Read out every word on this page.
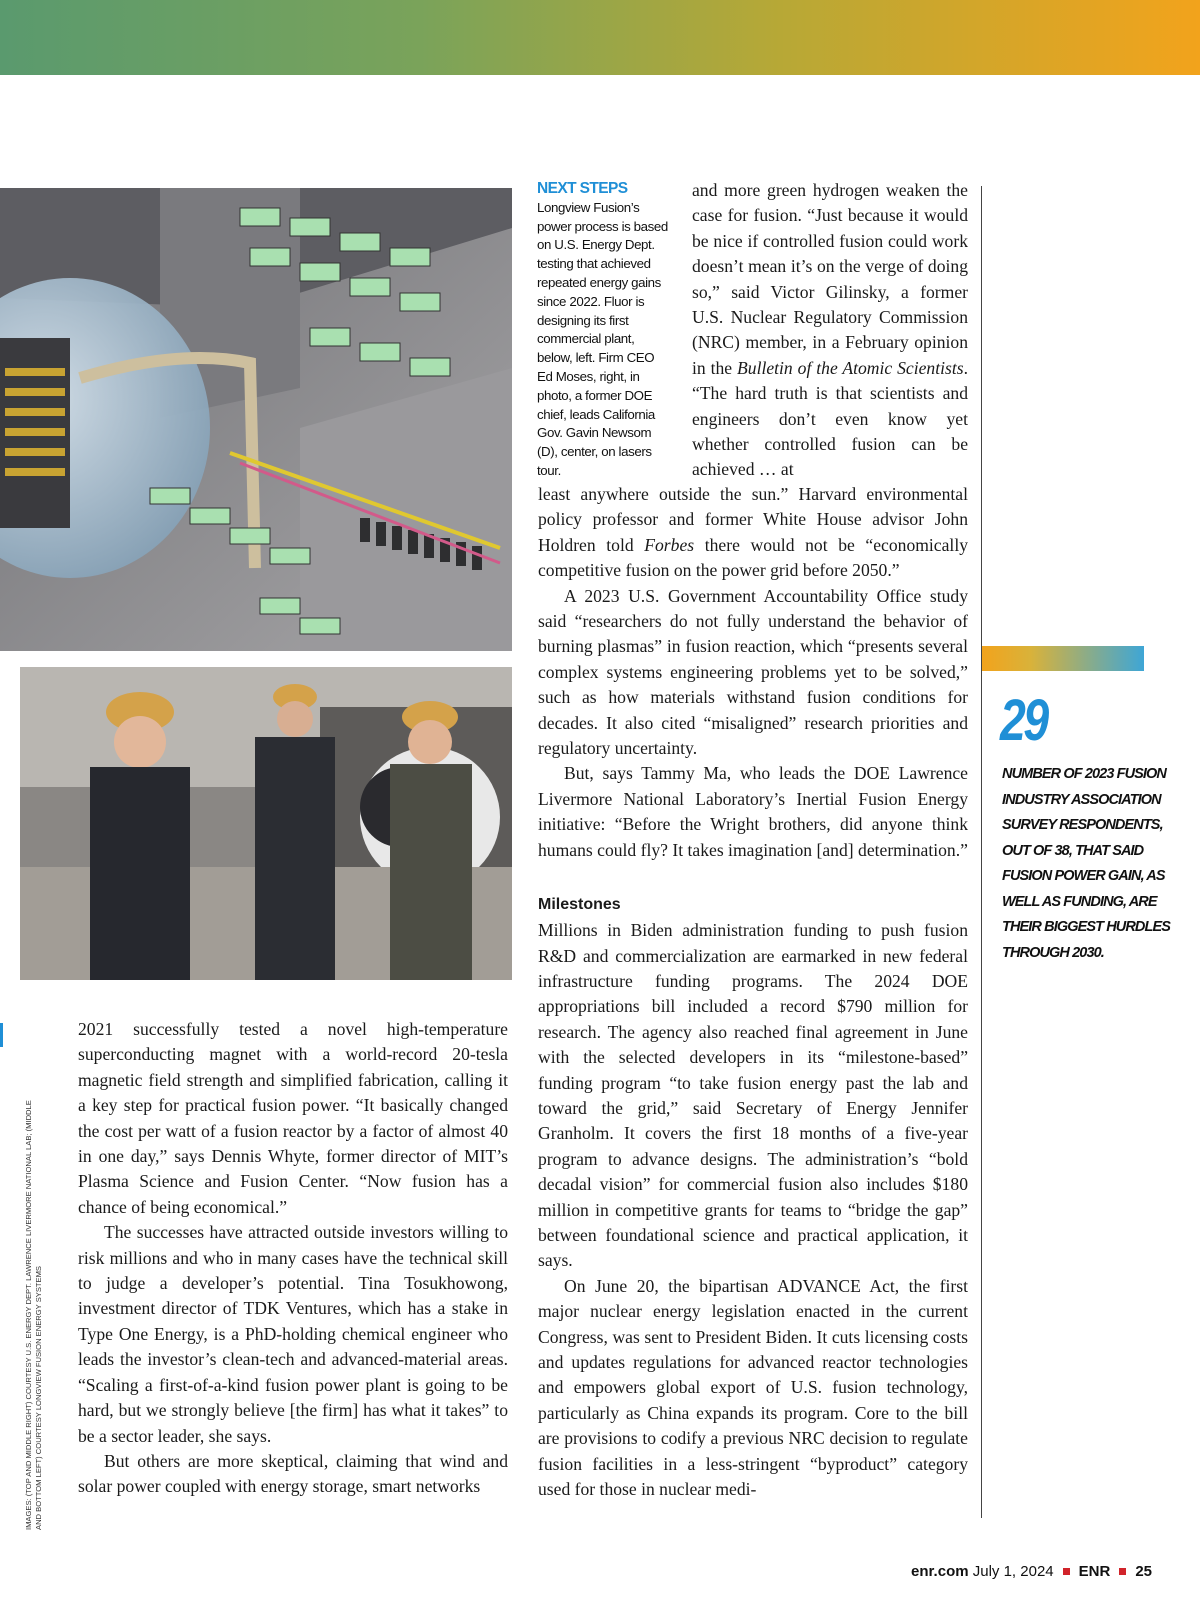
IMAGES: (TOP AND MIDDLE RIGHT) COURTESY U.S. ENERGY DEPT. LAWRENCE LIVERMORE NATIONAL LAB; (MIDDLE AND BOTTOM LEFT) COURTESY LONGVIEW FUSION ENERGY SYSTEMS
NEXT STEPS
Longview Fusion’s power process is based on U.S. Energy Dept. testing that achieved repeated energy gains since 2022. Fluor is designing its first commercial plant, below, left. Firm CEO Ed Moses, right, in photo, a former DOE chief, leads California Gov. Gavin Newsom (D), center, on lasers tour.

2021 successfully tested a novel high-temperature superconducting magnet with a world-record 20-tesla magnetic field strength and simplified fabrication, calling it a key step for practical fusion power. “It basically changed the cost per watt of a fusion reactor by a factor of almost 40 in one day,” says Dennis Whyte, former director of MIT’s Plasma Science and Fusion Center. “Now fusion has a chance of being economical.”

The successes have attracted outside investors willing to risk millions and who in many cases have the technical skill to judge a developer’s potential. Tina Tosukhowong, investment director of TDK Ventures, which has a stake in Type One Energy, is a PhD-holding chemical engineer who leads the investor’s clean-tech and advanced-material areas. “Scaling a first-of-a-kind fusion power plant is going to be hard, but we strongly believe [the firm] has what it takes” to be a sector leader, she says.

But others are more skeptical, claiming that wind and solar power coupled with energy storage, smart networks

and more green hydrogen weaken the case for fusion. “Just because it would be nice if controlled fusion could work doesn’t mean it’s on the verge of doing so,” said Victor Gilinsky, a former U.S. Nuclear Regulatory Commission (NRC) member, in a February opinion in the Bulletin of the Atomic Scientists. “The hard truth is that scientists and engineers don’t even know yet whether controlled fusion can be achieved … at

least anywhere outside the sun.” Harvard environmental policy professor and former White House advisor John Holdren told Forbes there would not be “economically competitive fusion on the power grid before 2050.”

A 2023 U.S. Government Accountability Office study said “researchers do not fully understand the behavior of burning plasmas” in fusion reaction, which “presents several complex systems engineering problems yet to be solved,” such as how materials withstand fusion conditions for decades. It also cited “misaligned” research priorities and regulatory uncertainty.

But, says Tammy Ma, who leads the DOE Lawrence Livermore National Laboratory’s Inertial Fusion Energy initiative: “Before the Wright brothers, did anyone think humans could fly? It takes imagination [and] determination.”

Milestones

Millions in Biden administration funding to push fusion R&D and commercialization are earmarked in new federal infrastructure funding programs. The 2024 DOE appropriations bill included a record $790 million for research. The agency also reached final agreement in June with the selected developers in its “milestone-based” funding program “to take fusion energy past the lab and toward the grid,” said Secretary of Energy Jennifer Granholm. It covers the first 18 months of a five-year program to advance designs. The administration’s “bold decadal vision” for commercial fusion also includes $180 million in competitive grants for teams to “bridge the gap” between foundational science and practical application, it says.

On June 20, the bipartisan ADVANCE Act, the first major nuclear energy legislation enacted in the current Congress, was sent to President Biden. It cuts licensing costs and updates regulations for advanced reactor technologies and empowers global export of U.S. fusion technology, particularly as China expands its program. Core to the bill are provisions to codify a previous NRC decision to regulate fusion facilities in a less-stringent “byproduct” category used for those in nuclear medi-

29
NUMBER OF 2023 FUSION INDUSTRY ASSOCIATION SURVEY RESPONDENTS, OUT OF 38, THAT SAID FUSION POWER GAIN, AS WELL AS FUNDING, ARE THEIR BIGGEST HURDLES THROUGH 2030.
enr.com July 1, 2024 ENR 25
